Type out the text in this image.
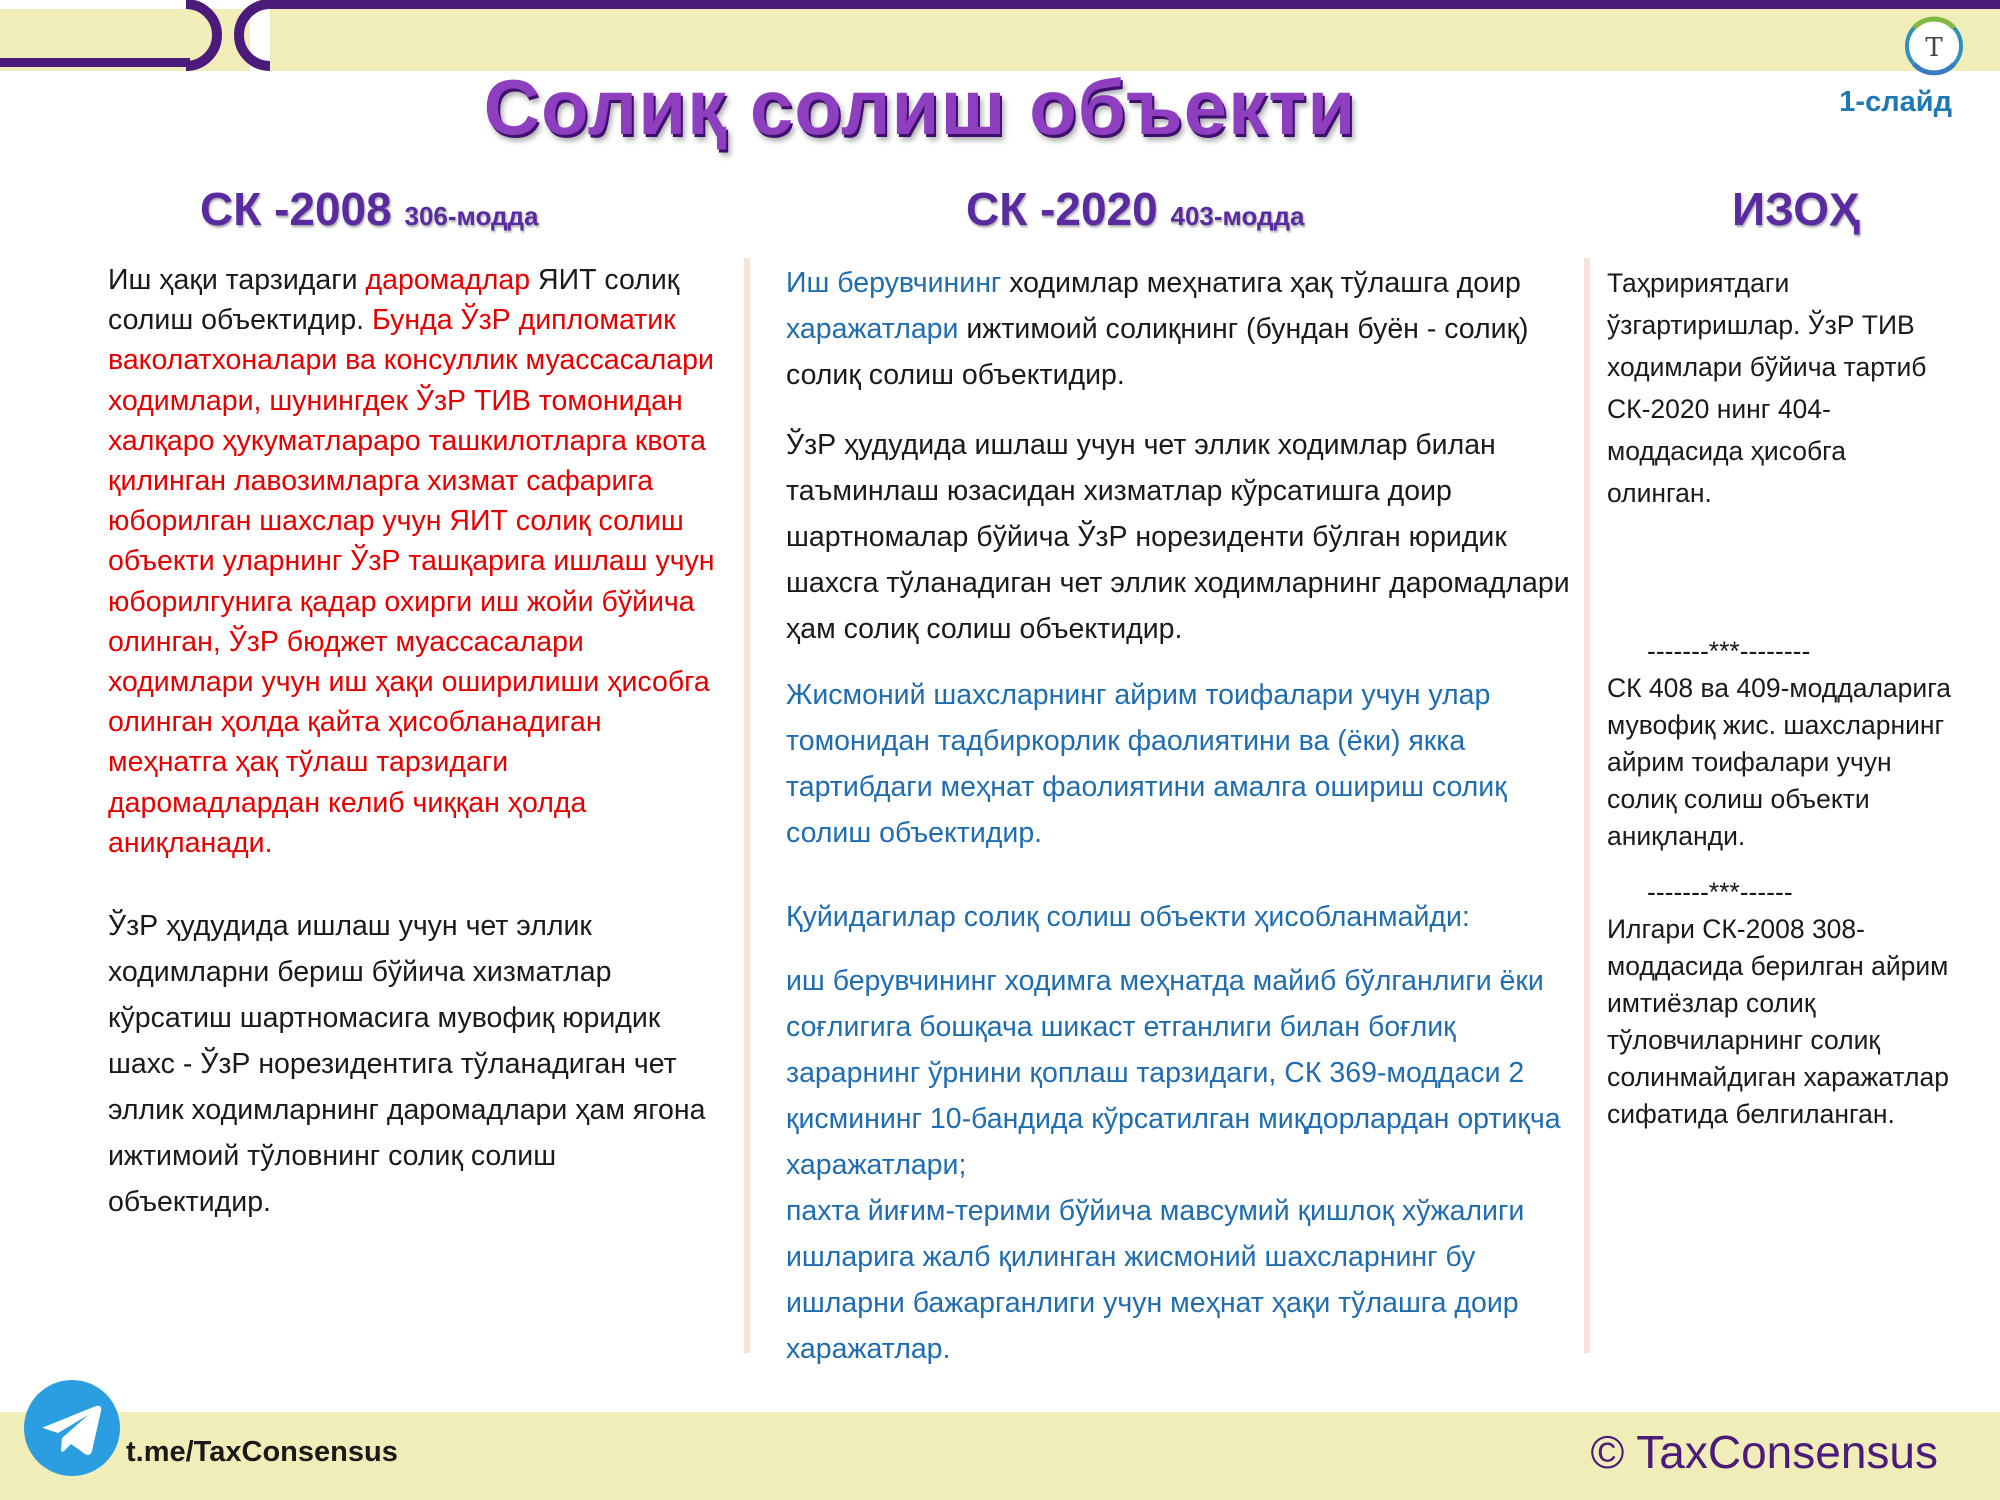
T
Солиқ солиш объекти	1-слайд
СК -2008 306-модда	СК -2020 403-модда	ИЗОҲ

Иш ҳақи тарзидаги даромадлар ЯИТ солиқ солиш объектидир. Бунда ЎзР дипломатик ваколатхоналари ва консуллик муассасалари ходимлари, шунингдек ЎзР ТИВ томонидан халқаро ҳукуматлараро ташкилотларга квота қилинган лавозимларга хизмат сафарига юборилган шахслар учун ЯИТ солиқ солиш объекти уларнинг ЎзР ташқарига ишлаш учун юборилгунига қадар охирги иш жойи бўйича олинган, ЎзР бюджет муассасалари ходимлари учун иш ҳақи оширилиши ҳисобга олинган ҳолда қайта ҳисобланадиган меҳнатга ҳақ тўлаш тарзидаги даромадлардан келиб чиққан ҳолда аниқланади.

ЎзР ҳудудида ишлаш учун чет эллик ходимларни бериш бўйича хизматлар кўрсатиш шартномасига мувофиқ юридик шахс - ЎзР норезидентига тўланадиган чет эллик ходимларнинг даромадлари ҳам ягона ижтимоий тўловнинг солиқ солиш объектидир.

Иш берувчининг ходимлар меҳнатига ҳақ тўлашга доир харажатлари ижтимоий солиқнинг (бундан буён - солиқ) солиқ солиш объектидир.

ЎзР ҳудудида ишлаш учун чет эллик ходимлар билан таъминлаш юзасидан хизматлар кўрсатишга доир шартномалар бўйича ЎзР норезиденти бўлган юридик шахсга тўланадиган чет эллик ходимларнинг даромадлари ҳам солиқ солиш объектидир.

Жисмоний шахсларнинг айрим тоифалари учун улар томонидан тадбиркорлик фаолиятини ва (ёки) якка тартибдаги меҳнат фаолиятини амалга ошириш солиқ солиш объектидир.

Қуйидагилар солиқ солиш объекти ҳисобланмайди:

иш берувчининг ходимга меҳнатда майиб бўлганлиги ёки соғлигига бошқача шикаст етганлиги билан боғлиқ зарарнинг ўрнини қоплаш тарзидаги, СК 369-моддаси 2 қисмининг 10-бандида кўрсатилган миқдорлардан ортиқча харажатлари;

пахта йиғим-терими бўйича мавсумий қишлоқ хўжалиги ишларига жалб қилинган жисмоний шахсларнинг бу ишларни бажарганлиги учун меҳнат ҳақи тўлашга доир харажатлар.

Таҳририятдаги ўзгартиришлар. ЎзР ТИВ ходимлари бўйича тартиб СК-2020 нинг 404-моддасида ҳисобга олинган.

-------***--------

СК 408 ва 409-моддаларига мувофиқ жис. шахсларнинг айрим тоифалари учун солиқ солиш объекти аниқланди.

-------***------

Илгари СК-2008 308-моддасида берилган айрим имтиёзлар солиқ тўловчиларнинг солиқ солинмайдиган харажатлар сифатида белгиланган.

t.me/TaxConsensus	© TaxConsensus
